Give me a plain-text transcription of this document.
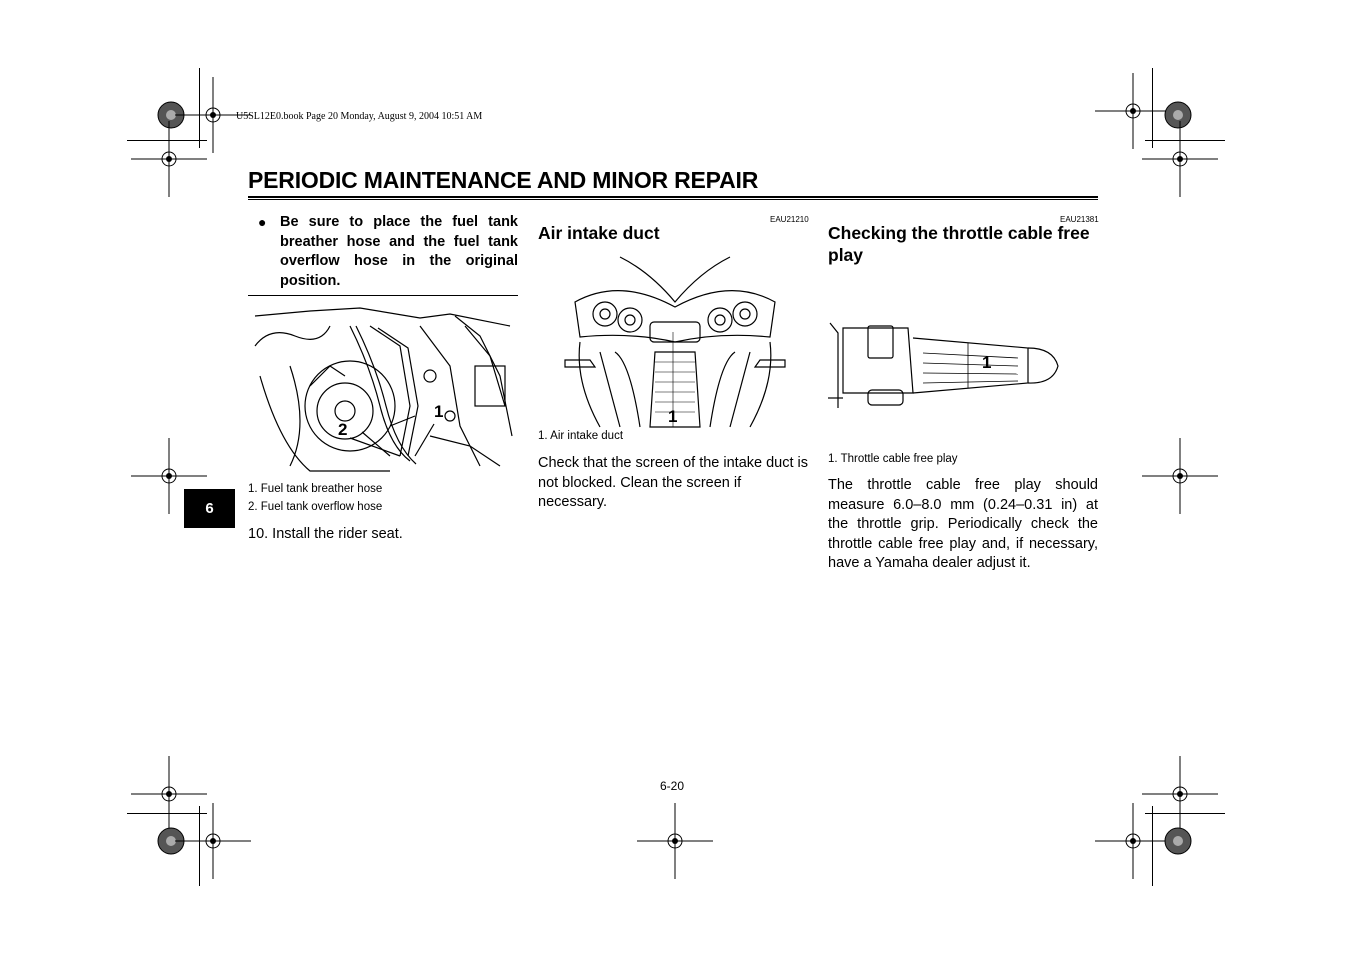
U5SL12E0.book Page 20 Monday, August 9, 2004 10:51 AM
PERIODIC MAINTENANCE AND MINOR REPAIR
6
● Be sure to place the fuel tank breather hose and the fuel tank overflow hose in the original position.
1
2
1. Fuel tank breather hose
2. Fuel tank overflow hose
10. Install the rider seat.
EAU21210
Air intake duct
1
1. Air intake duct
Check that the screen of the intake duct is not blocked. Clean the screen if necessary.
EAU21381
Checking the throttle cable free play
1
1. Throttle cable free play
The throttle cable free play should measure 6.0–8.0 mm (0.24–0.31 in) at the throttle grip. Periodically check the throttle cable free play and, if necessary, have a Yamaha dealer adjust it.
6-20
